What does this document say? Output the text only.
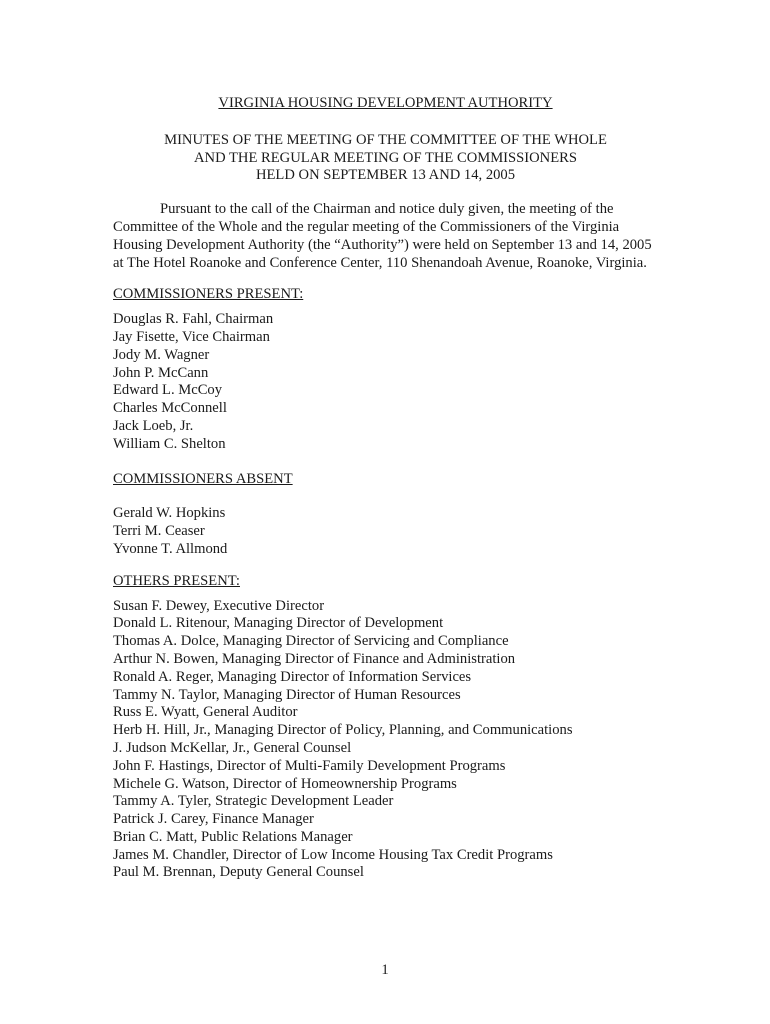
VIRGINIA HOUSING DEVELOPMENT AUTHORITY
MINUTES OF THE MEETING OF THE COMMITTEE OF THE WHOLE
AND THE REGULAR MEETING OF THE COMMISSIONERS
HELD ON SEPTEMBER 13 AND 14, 2005
Pursuant to the call of the Chairman and notice duly given, the meeting of the Committee of the Whole and the regular meeting of the Commissioners of the Virginia Housing Development Authority (the “Authority”) were held on September 13 and 14, 2005 at The Hotel Roanoke and Conference Center, 110 Shenandoah Avenue, Roanoke, Virginia.
COMMISSIONERS PRESENT:
Douglas R. Fahl, Chairman
Jay Fisette, Vice Chairman
Jody M. Wagner
John P. McCann
Edward L. McCoy
Charles McConnell
Jack Loeb, Jr.
William C. Shelton
COMMISSIONERS ABSENT
Gerald W. Hopkins
Terri M. Ceaser
Yvonne T. Allmond
OTHERS PRESENT:
Susan F. Dewey, Executive Director
Donald L. Ritenour, Managing Director of Development
Thomas A. Dolce, Managing Director of Servicing and Compliance
Arthur N. Bowen, Managing Director of Finance and Administration
Ronald A. Reger, Managing Director of Information Services
Tammy N. Taylor, Managing Director of Human Resources
Russ E. Wyatt, General Auditor
Herb H. Hill, Jr., Managing Director of Policy, Planning, and Communications
J. Judson McKellar, Jr., General Counsel
John F. Hastings, Director of Multi-Family Development Programs
Michele G. Watson, Director of Homeownership Programs
Tammy A. Tyler, Strategic Development Leader
Patrick J. Carey, Finance Manager
Brian C. Matt, Public Relations Manager
James M. Chandler, Director of Low Income Housing Tax Credit Programs
Paul M. Brennan, Deputy General Counsel
1
